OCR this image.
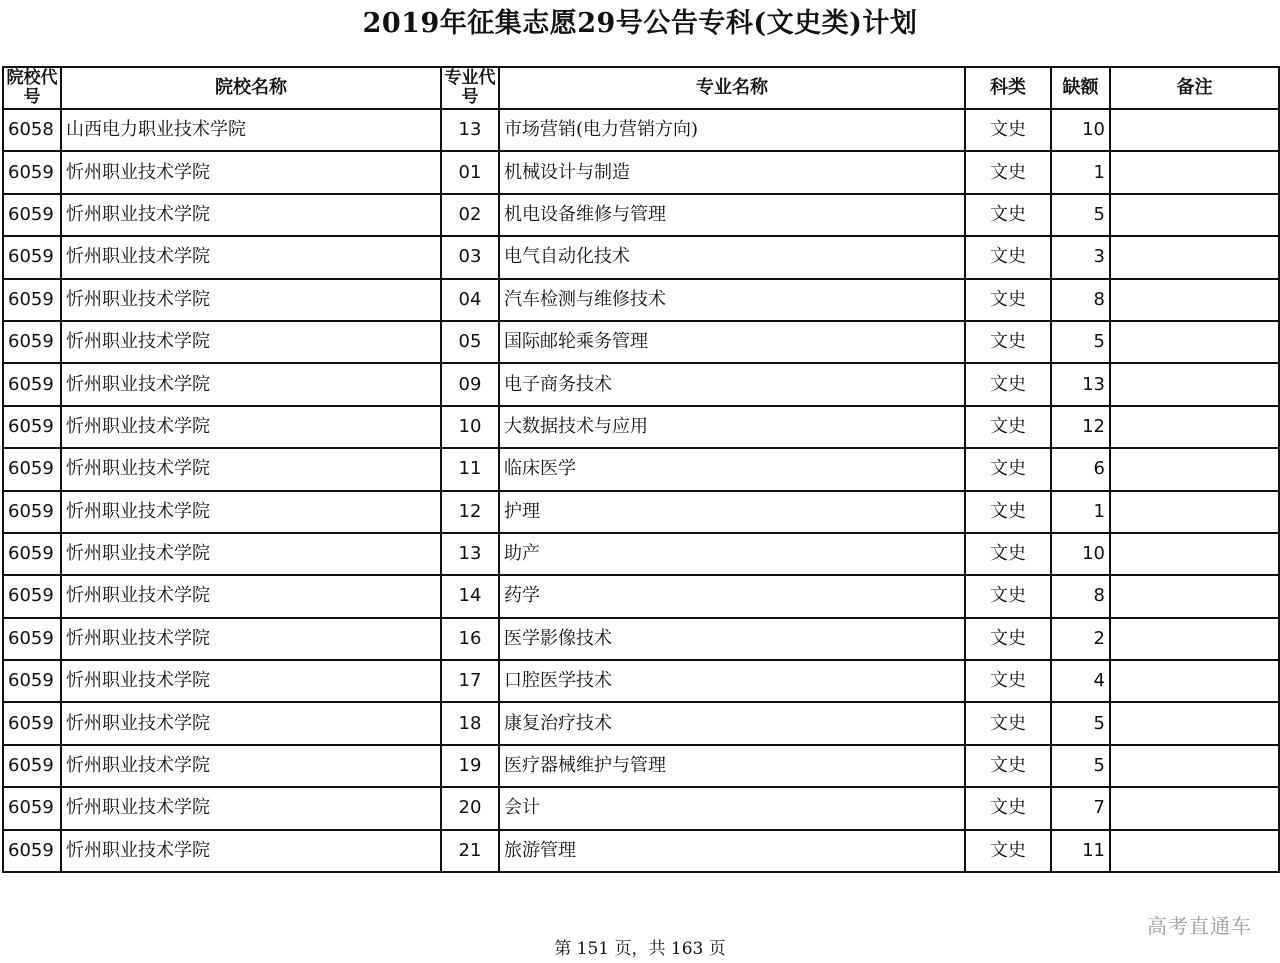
2019年征集志愿29号公告专科(文史类)计划
院校代号	院校名称	专业代号	专业名称	科类	缺额	备注
6058	山西电力职业技术学院	13	市场营销(电力营销方向)	文史	10	
6059	忻州职业技术学院	01	机械设计与制造	文史	1	
6059	忻州职业技术学院	02	机电设备维修与管理	文史	5	
6059	忻州职业技术学院	03	电气自动化技术	文史	3	
6059	忻州职业技术学院	04	汽车检测与维修技术	文史	8	
6059	忻州职业技术学院	05	国际邮轮乘务管理	文史	5	
6059	忻州职业技术学院	09	电子商务技术	文史	13	
6059	忻州职业技术学院	10	大数据技术与应用	文史	12	
6059	忻州职业技术学院	11	临床医学	文史	6	
6059	忻州职业技术学院	12	护理	文史	1	
6059	忻州职业技术学院	13	助产	文史	10	
6059	忻州职业技术学院	14	药学	文史	8	
6059	忻州职业技术学院	16	医学影像技术	文史	2	
6059	忻州职业技术学院	17	口腔医学技术	文史	4	
6059	忻州职业技术学院	18	康复治疗技术	文史	5	
6059	忻州职业技术学院	19	医疗器械维护与管理	文史	5	
6059	忻州职业技术学院	20	会计	文史	7	
6059	忻州职业技术学院	21	旅游管理	文史	11	
高考直通车
第 151 页，共 163 页
